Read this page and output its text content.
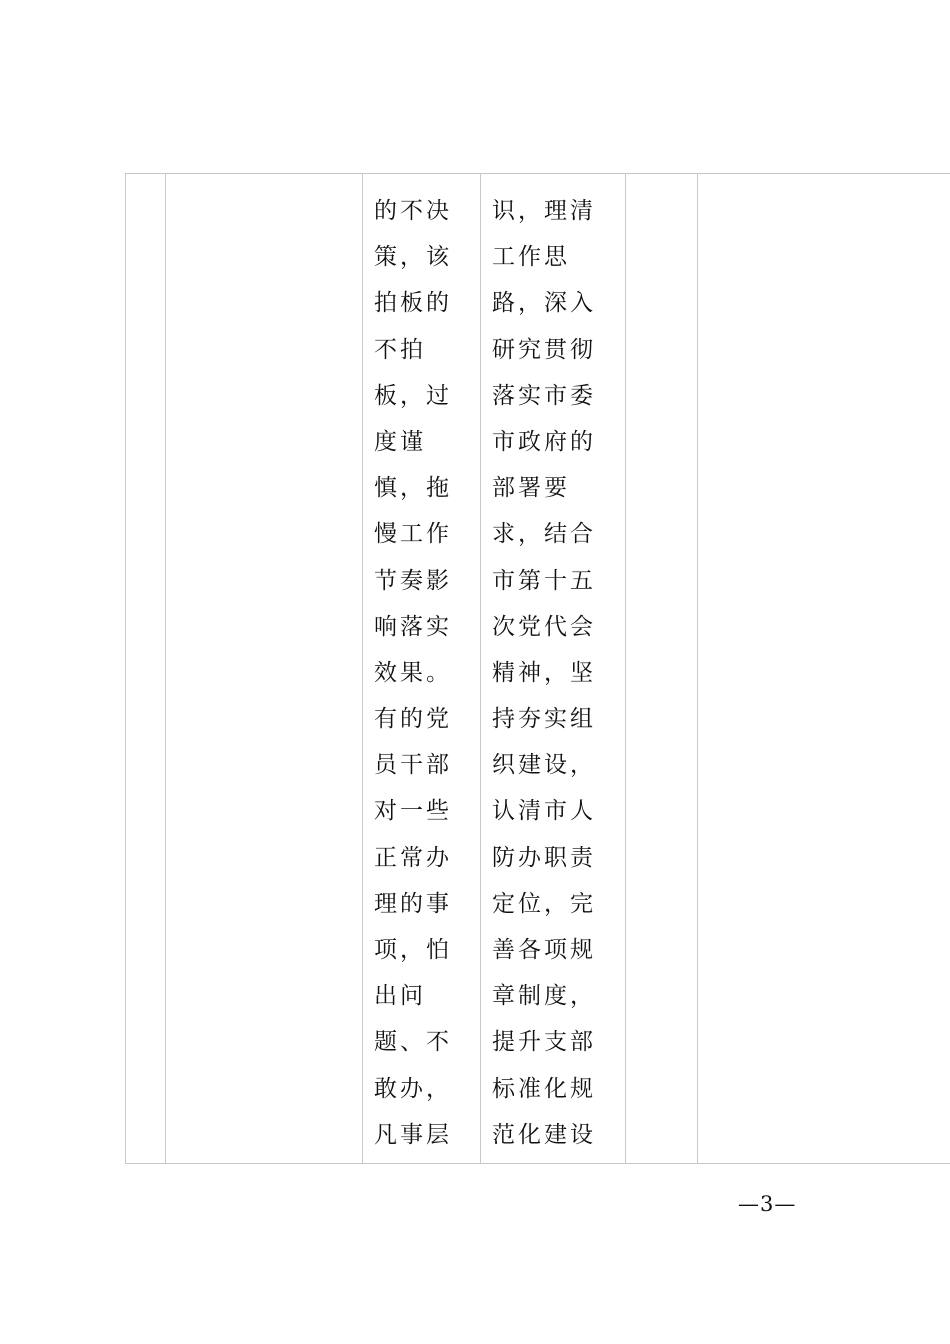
的不决
策，该
拍板的
不拍
板，过
度谨
慎，拖
慢工作
节奏影
响落实
效果。
有的党
员干部
对一些
正常办
理的事
项，怕
出问
题、不
敢办，
凡事层
识，理清
工作思
路，深入
研究贯彻
落实市委
市政府的
部署要
求，结合
市第十五
次党代会
精神，坚
持夯实组
织建设，
认清市人
防办职责
定位，完
善各项规
章制度，
提升支部
标准化规
范化建设
—3—
